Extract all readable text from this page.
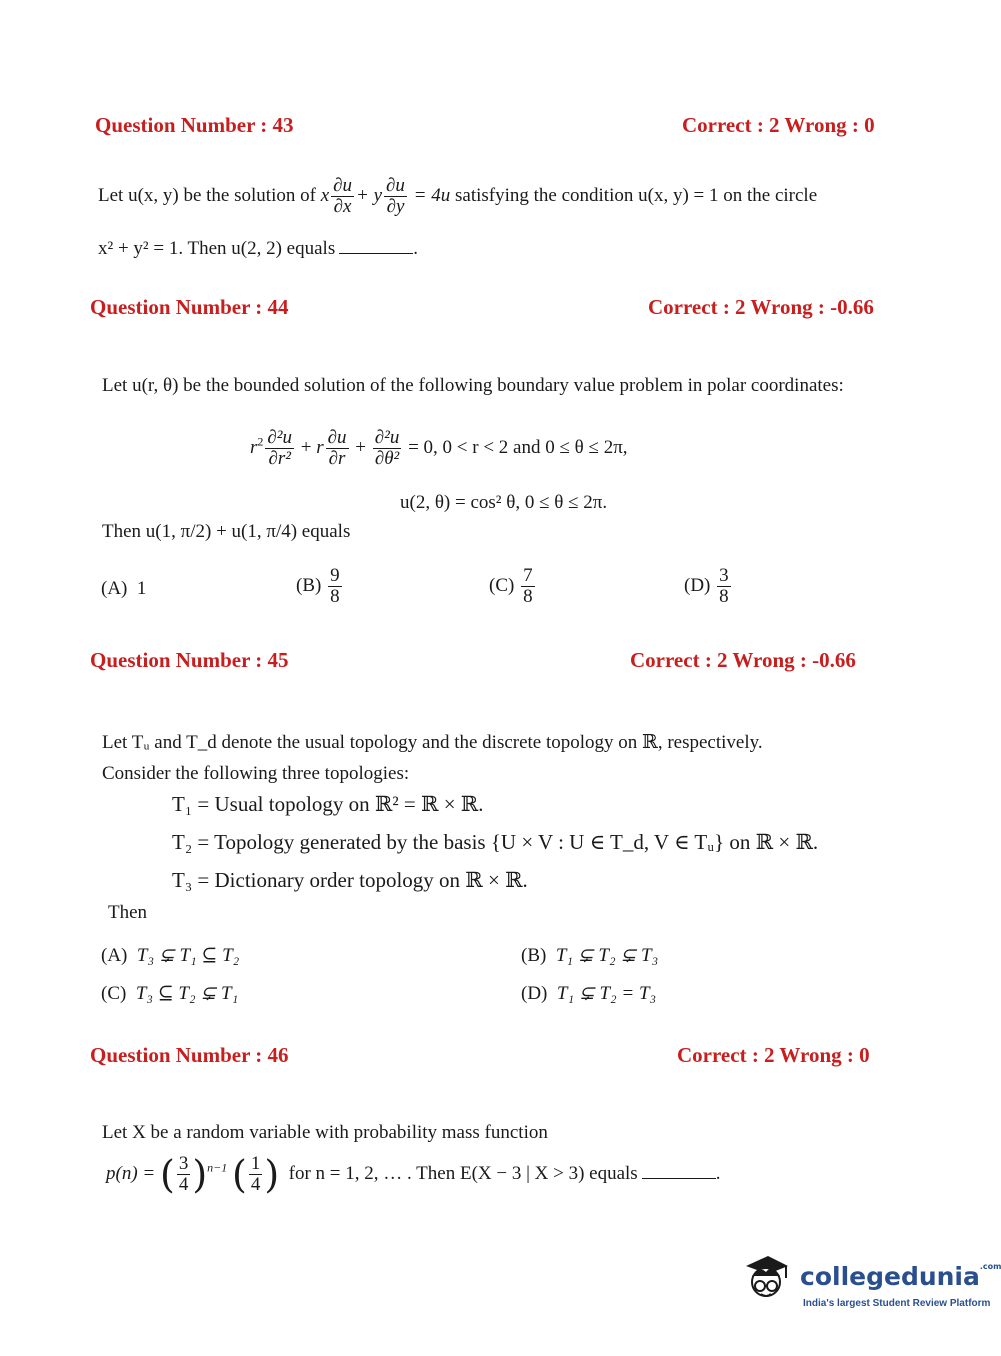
Question Number : 43	Correct : 2 Wrong : 0
Let u(x, y) be the solution of x $\frac{\partial u}{\partial x} + y \frac{\partial u}{\partial y} = 4u$ satisfying the condition u(x, y) = 1 on the circle
x² + y² = 1. Then u(2, 2) equals	.
Question Number : 44	Correct : 2 Wrong : -0.66
Let u(r, θ) be the bounded solution of the following boundary value problem in polar coordinates:
$r^2 \frac{\text{∂²u}}{\text{∂r²}} + r \frac{\partial u}{\partial r} + \frac{\text{∂²u}}{\text{∂θ²}} = 0$, 0 < r < 2 and 0 ≤ θ ≤ 2π,
u(2, θ) = cos² θ, 0 ≤ θ ≤ 2π.
Then u(1, π/2) + u(1, π/4) equals
(A) 1	$(B) \frac{9}{8}$	$(C) \frac{7}{8}$	$(D) \frac{3}{8}$
Question Number : 45	Correct : 2 Wrong : -0.66
Let Tᵤ and T_d denote the usual topology and the discrete topology on ℝ, respectively.
Consider the following three topologies:
T₁ = Usual topology on ℝ² = ℝ × ℝ.
T₂ = Topology generated by the basis {U × V : U ∈ T_d, V ∈ Tᵤ} on ℝ × ℝ.
T₃ = Dictionary order topology on ℝ × ℝ.
Then
(A) T₃ ⊊ T₁ ⊆ T₂	(B) T₁ ⊊ T₂ ⊊ T₃
(C) T₃ ⊆ T₂ ⊊ T₁	(D) T₁ ⊊ T₂ = T₃
Question Number : 46	Correct : 2 Wrong : 0
Let X be a random variable with probability mass function
p(n) = ( $\frac{3}{4} )^{n-1}$ ( $\frac{1}{4}$ ) for n = 1, 2, … . Then E(X − 3 | X > 3) equals	.
collegedunia$^{.com}$
India's largest Student Review Platform
